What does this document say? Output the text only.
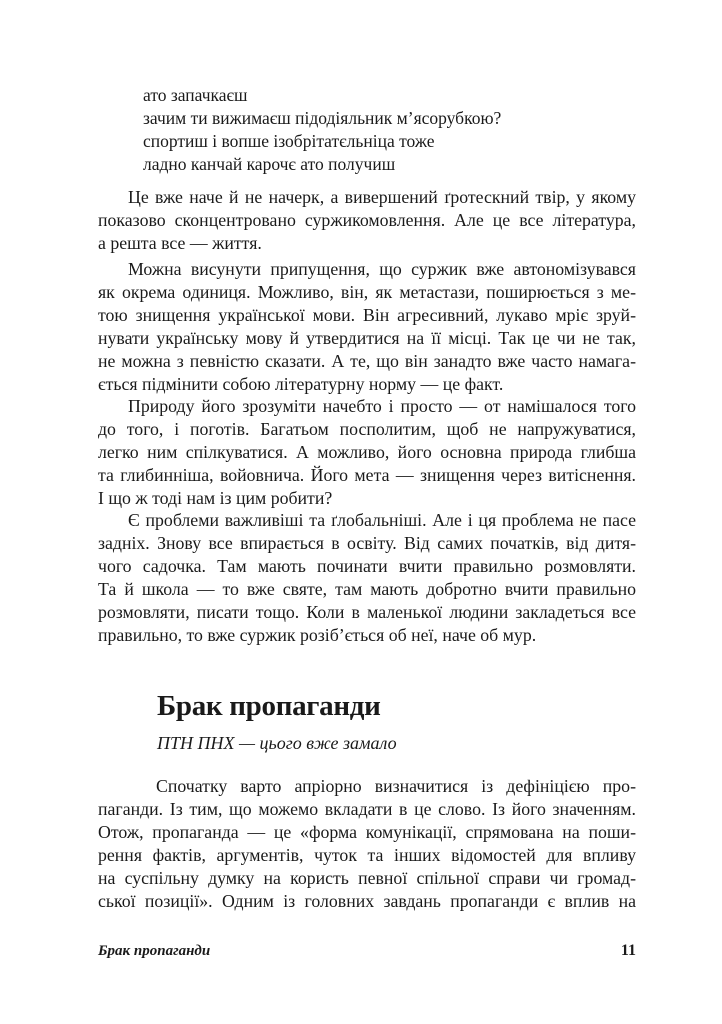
ато запачкаєш
зачим ти вижимаєш підодіяльник м’ясорубкою?
спортиш і вопше ізобрітатєльніца тоже
ладно канчай карочє ато получиш
Це вже наче й не начерк, а вивершений ґротескний твір, у якому
показово сконцентровано суржикомовлення. Але це все література,
а решта все — життя.
Можна висунути припущення, що суржик вже автономізувався
як окрема одиниця. Можливо, він, як метастази, поширюється з ме-
тою знищення української мови. Він агресивний, лукаво мріє зруй-
нувати українську мову й утвердитися на її місці. Так це чи не так,
не можна з певністю сказати. А те, що він занадто вже часто намага-
ється підмінити собою літературну норму — це факт.
Природу його зрозуміти начебто і просто — от намішалося того
до того, і поготів. Багатьом посполитим, щоб не напружуватися,
легко ним спілкуватися. А можливо, його основна природа глибша
та глибинніша, войовнича. Його мета — знищення через витіснення.
І що ж тоді нам із цим робити?
Є проблеми важливіші та ґлобальніші. Але і ця проблема не пасе
задніх. Знову все впирається в освіту. Від самих початків, від дитя-
чого садочка. Там мають починати вчити правильно розмовляти.
Та й школа — то вже святе, там мають добротно вчити правильно
розмовляти, писати тощо. Коли в маленької людини закладеться все
правильно, то вже суржик розіб’ється об неї, наче об мур.
Брак пропаганди

ПТН ПНХ — цього вже замало

Спочатку варто апріорно визначитися із дефініцією про-
паганди. Із тим, що можемо вкладати в це слово. Із його значенням.
Отож, пропаганда — це «форма комунікації, спрямована на поши-
рення фактів, аргументів, чуток та інших відомостей для впливу
на суспільну думку на користь певної спільної справи чи громад-
ської позиції». Одним із головних завдань пропаганди є вплив на
Брак пропаганди	11
